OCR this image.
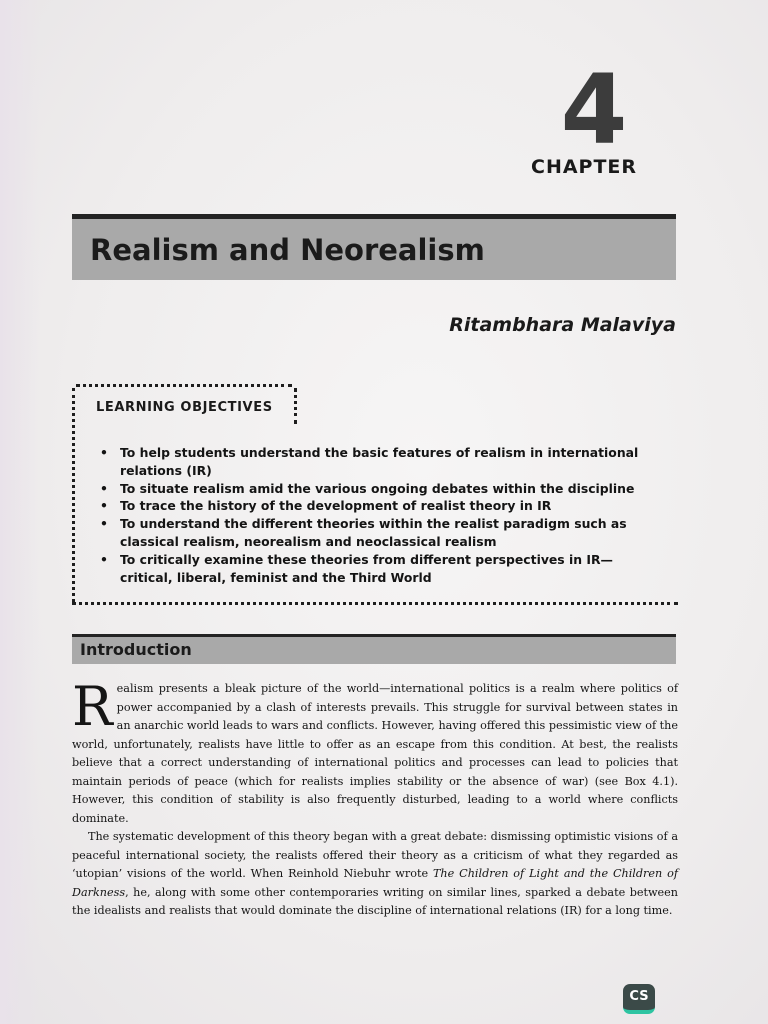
4
CHAPTER
Realism and Neorealism
Ritambhara Malaviya
LEARNING OBJECTIVES
• To help students understand the basic features of realism in international relations (IR)
• To situate realism amid the various ongoing debates within the discipline
• To trace the history of the development of realist theory in IR
• To understand the different theories within the realist paradigm such as classical realism, neorealism and neoclassical realism
• To critically examine these theories from different perspectives in IR—critical, liberal, feminist and the Third World
Introduction

Realism presents a bleak picture of the world—international politics is a realm where politics of power accompanied by a clash of interests prevails. This struggle for survival between states in an anarchic world leads to wars and conflicts. However, having offered this pessimistic view of the world, unfortunately, realists have little to offer as an escape from this condition. At best, the realists believe that a correct understanding of international politics and processes can lead to policies that maintain periods of peace (which for realists implies stability or the absence of war) (see Box 4.1). However, this condition of stability is also frequently disturbed, leading to a world where conflicts dominate.

The systematic development of this theory began with a great debate: dismissing optimistic visions of a peaceful international society, the realists offered their theory as a criticism of what they regarded as ‘utopian’ visions of the world. When Reinhold Niebuhr wrote The Children of Light and the Children of Darkness, he, along with some other contemporaries writing on similar lines, sparked a debate between the idealists and realists that would dominate the discipline of international relations (IR) for a long time.

CS
